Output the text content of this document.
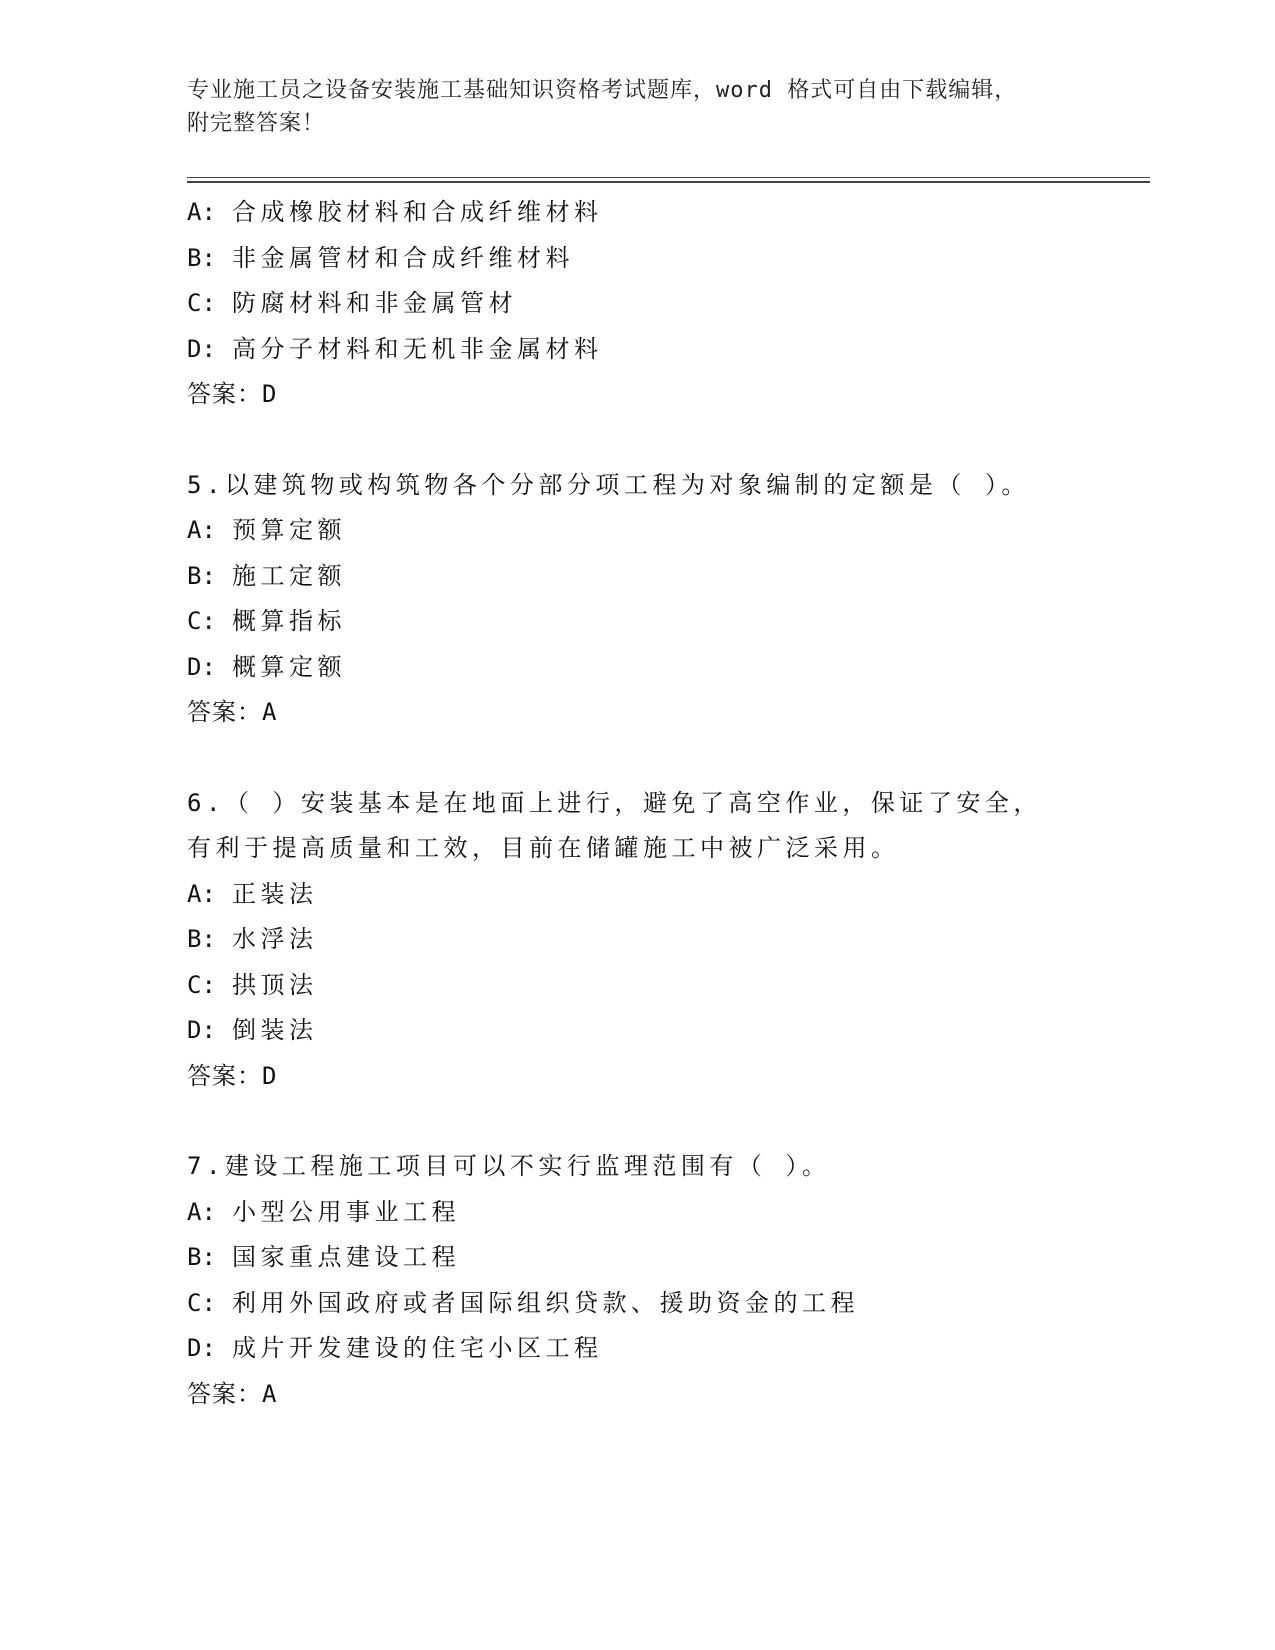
专业施工员之设备安装施工基础知识资格考试题库，word 格式可自由下载编辑，
附完整答案！
A: 合成橡胶材料和合成纤维材料
B: 非金属管材和合成纤维材料
C: 防腐材料和非金属管材
D: 高分子材料和无机非金属材料
答案：D
5.以建筑物或构筑物各个分部分项工程为对象编制的定额是（ ）。
A: 预算定额
B: 施工定额
C: 概算指标
D: 概算定额
答案：A
6.（ ）安装基本是在地面上进行，避免了高空作业，保证了安全，有利于提高质量和工效，目前在储罐施工中被广泛采用。
A: 正装法
B: 水浮法
C: 拱顶法
D: 倒装法
答案：D
7.建设工程施工项目可以不实行监理范围有（ ）。
A: 小型公用事业工程
B: 国家重点建设工程
C: 利用外国政府或者国际组织贷款、援助资金的工程
D: 成片开发建设的住宅小区工程
答案：A
